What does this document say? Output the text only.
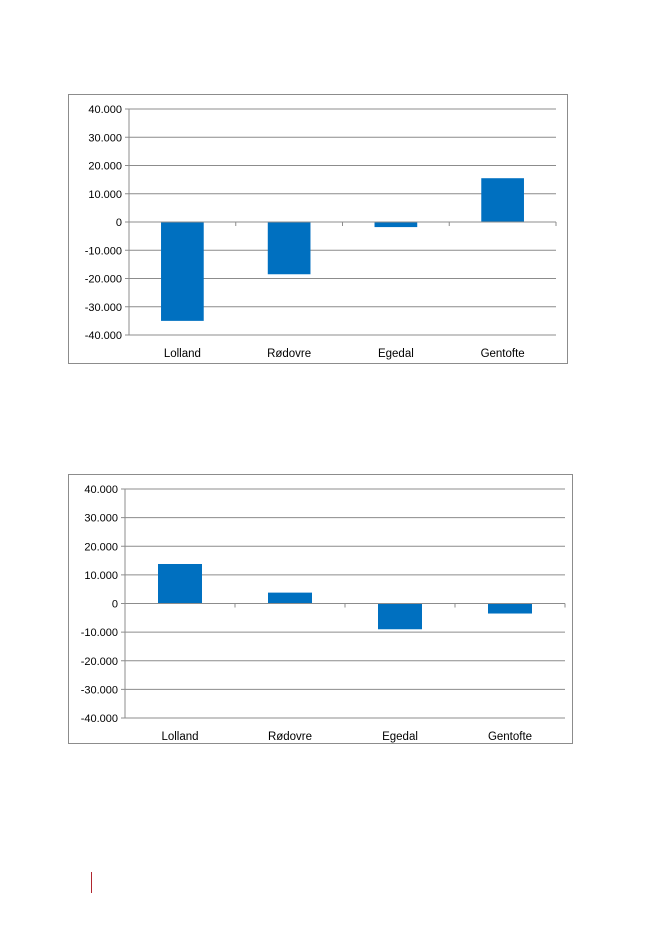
40.000
30.000
20.000
10.000
0
-10.000
-20.000
-30.000
-40.000
Lolland	Rødovre	Egedal	Gentofte
40.000
30.000
20.000
10.000
0
-10.000
-20.000
-30.000
-40.000
Lolland	Rødovre	Egedal	Gentofte
